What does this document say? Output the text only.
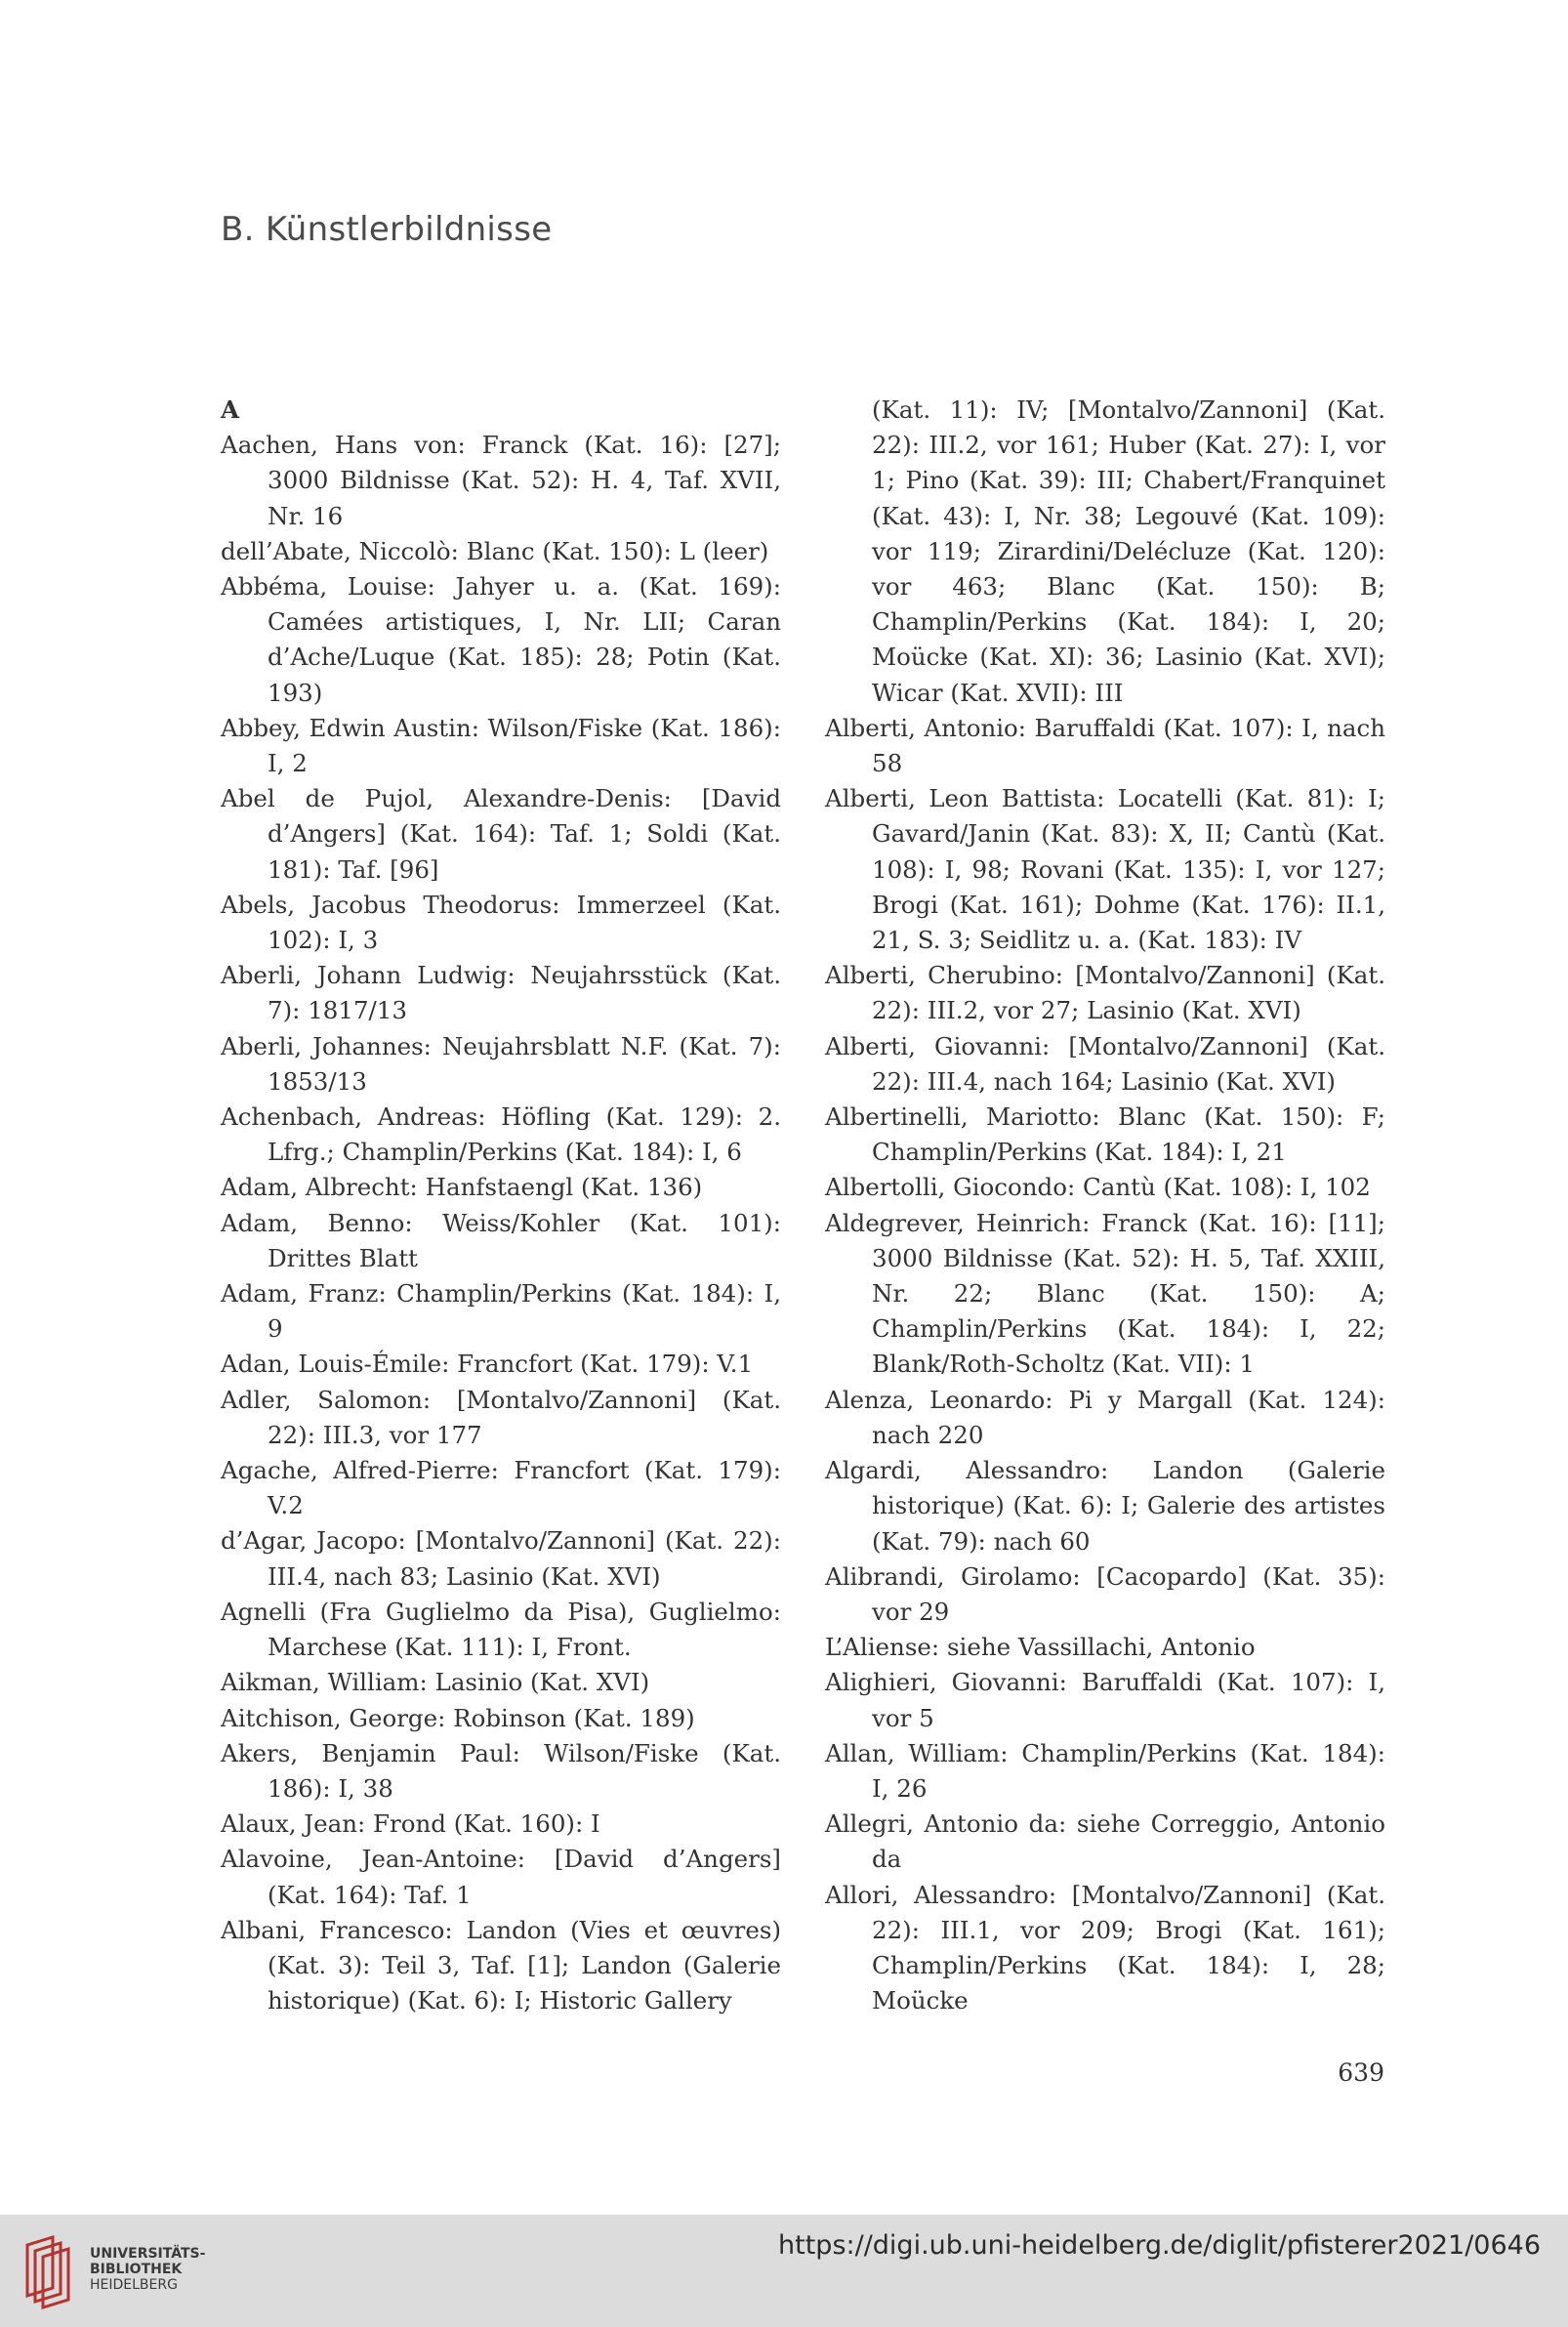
B. Künstlerbildnisse

A

Aachen, Hans von: Franck (Kat. 16): [27]; 3000 Bildnisse (Kat. 52): H. 4, Taf. XVII, Nr. 16

dell’Abate, Niccolò: Blanc (Kat. 150): L (leer)

Abbéma, Louise: Jahyer u. a. (Kat. 169): Camées artistiques, I, Nr. LII; Caran d’Ache/Luque (Kat. 185): 28; Potin (Kat. 193)

Abbey, Edwin Austin: Wilson/Fiske (Kat. 186): I, 2

Abel de Pujol, Alexandre-Denis: [David d’Angers] (Kat. 164): Taf. 1; Soldi (Kat. 181): Taf. [96]

Abels, Jacobus Theodorus: Immerzeel (Kat. 102): I, 3

Aberli, Johann Ludwig: Neujahrsstück (Kat. 7): 1817/13

Aberli, Johannes: Neujahrsblatt N.F. (Kat. 7): 1853/13

Achenbach, Andreas: Höfling (Kat. 129): 2. Lfrg.; Champlin/Perkins (Kat. 184): I, 6

Adam, Albrecht: Hanfstaengl (Kat. 136)

Adam, Benno: Weiss/Kohler (Kat. 101): Drittes Blatt

Adam, Franz: Champlin/Perkins (Kat. 184): I, 9

Adan, Louis-Émile: Francfort (Kat. 179): V.1

Adler, Salomon: [Montalvo/Zannoni] (Kat. 22): III.3, vor 177

Agache, Alfred-Pierre: Francfort (Kat. 179): V.2

d’Agar, Jacopo: [Montalvo/Zannoni] (Kat. 22): III.4, nach 83; Lasinio (Kat. XVI)

Agnelli (Fra Guglielmo da Pisa), Guglielmo: Marchese (Kat. 111): I, Front.

Aikman, William: Lasinio (Kat. XVI)

Aitchison, George: Robinson (Kat. 189)

Akers, Benjamin Paul: Wilson/Fiske (Kat. 186): I, 38

Alaux, Jean: Frond (Kat. 160): I

Alavoine, Jean-Antoine: [David d’Angers] (Kat. 164): Taf. 1

Albani, Francesco: Landon (Vies et œuvres) (Kat. 3): Teil 3, Taf. [1]; Landon (Galerie historique) (Kat. 6): I; Historic Gallery

(Kat. 11): IV; [Montalvo/Zannoni] (Kat. 22): III.2, vor 161; Huber (Kat. 27): I, vor 1; Pino (Kat. 39): III; Chabert/Franquinet (Kat. 43): I, Nr. 38; Legouvé (Kat. 109): vor 119; Zirardini/Delécluze (Kat. 120): vor 463; Blanc (Kat. 150): B; Champlin/Perkins (Kat. 184): I, 20; Moücke (Kat. XI): 36; Lasinio (Kat. XVI); Wicar (Kat. XVII): III

Alberti, Antonio: Baruffaldi (Kat. 107): I, nach 58

Alberti, Leon Battista: Locatelli (Kat. 81): I; Gavard/Janin (Kat. 83): X, II; Cantù (Kat. 108): I, 98; Rovani (Kat. 135): I, vor 127; Brogi (Kat. 161); Dohme (Kat. 176): II.1, 21, S. 3; Seidlitz u. a. (Kat. 183): IV

Alberti, Cherubino: [Montalvo/Zannoni] (Kat. 22): III.2, vor 27; Lasinio (Kat. XVI)

Alberti, Giovanni: [Montalvo/Zannoni] (Kat. 22): III.4, nach 164; Lasinio (Kat. XVI)

Albertinelli, Mariotto: Blanc (Kat. 150): F; Champlin/Perkins (Kat. 184): I, 21

Albertolli, Giocondo: Cantù (Kat. 108): I, 102

Aldegrever, Heinrich: Franck (Kat. 16): [11]; 3000 Bildnisse (Kat. 52): H. 5, Taf. XXIII, Nr. 22; Blanc (Kat. 150): A; Champlin/Perkins (Kat. 184): I, 22; Blank/Roth-Scholtz (Kat. VII): 1

Alenza, Leonardo: Pi y Margall (Kat. 124): nach 220

Algardi, Alessandro: Landon (Galerie historique) (Kat. 6): I; Galerie des artistes (Kat. 79): nach 60

Alibrandi, Girolamo: [Cacopardo] (Kat. 35): vor 29

L’Aliense: siehe Vassillachi, Antonio

Alighieri, Giovanni: Baruffaldi (Kat. 107): I, vor 5

Allan, William: Champlin/Perkins (Kat. 184): I, 26

Allegri, Antonio da: siehe Correggio, Antonio da

Allori, Alessandro: [Montalvo/Zannoni] (Kat. 22): III.1, vor 209; Brogi (Kat. 161); Champlin/Perkins (Kat. 184): I, 28; Moücke

639
UNIVERSITÄTS-
BIBLIOTHEK
HEIDELBERG
https://digi.ub.uni-heidelberg.de/diglit/pfisterer2021/0646
